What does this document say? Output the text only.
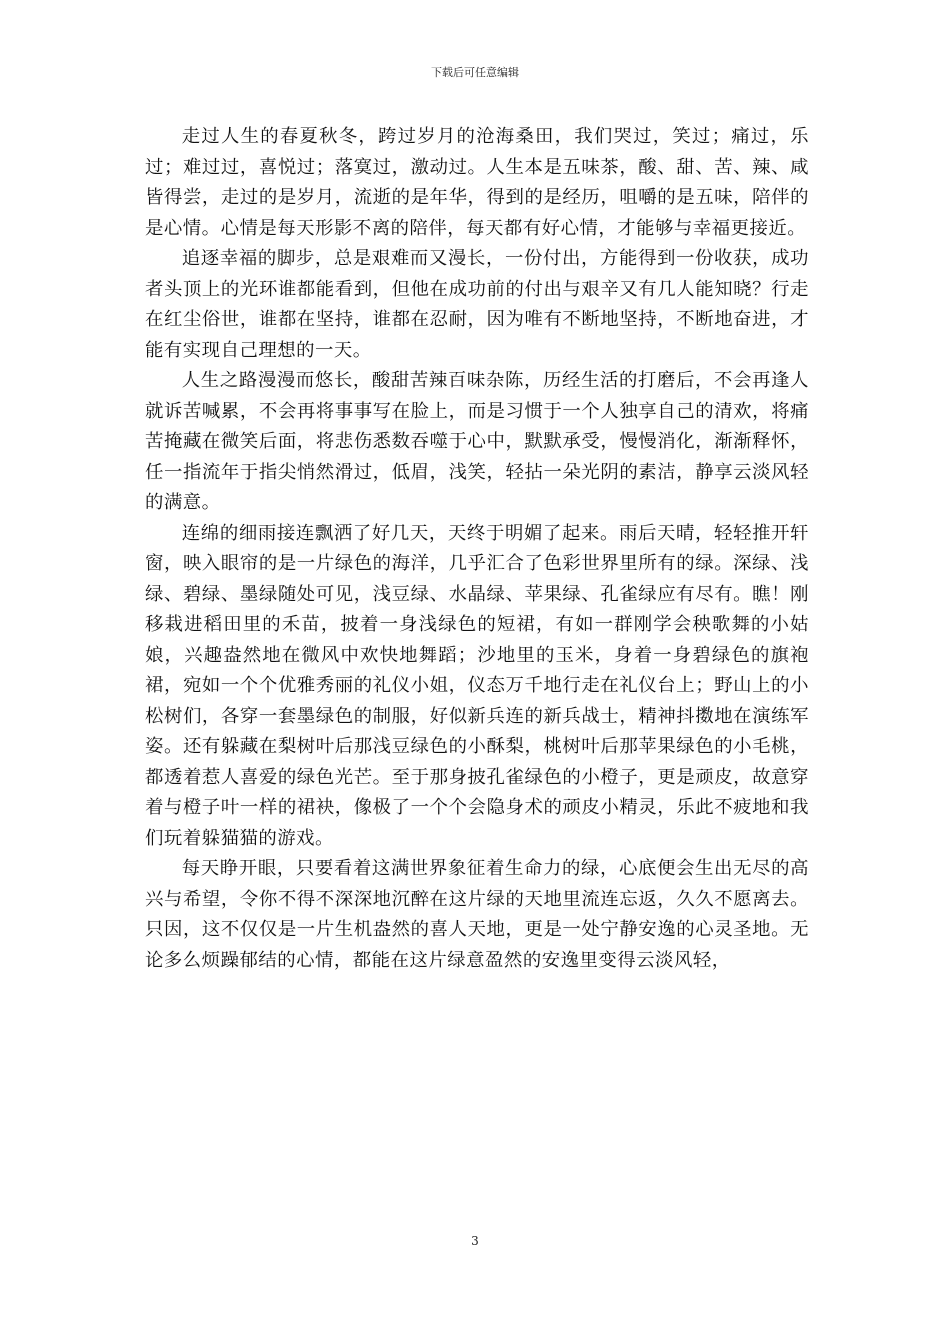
下载后可任意编辑

走过人生的春夏秋冬，跨过岁月的沧海桑田，我们哭过，笑过；痛过，乐过；难过过，喜悦过；落寞过，激动过。人生本是五味茶，酸、甜、苦、辣、咸皆得尝，走过的是岁月，流逝的是年华，得到的是经历，咀嚼的是五味，陪伴的是心情。心情是每天形影不离的陪伴，每天都有好心情，才能够与幸福更接近。

追逐幸福的脚步，总是艰难而又漫长，一份付出，方能得到一份收获，成功者头顶上的光环谁都能看到，但他在成功前的付出与艰辛又有几人能知晓？行走在红尘俗世，谁都在坚持，谁都在忍耐，因为唯有不断地坚持，不断地奋进，才能有实现自己理想的一天。

人生之路漫漫而悠长，酸甜苦辣百味杂陈，历经生活的打磨后，不会再逢人就诉苦喊累，不会再将事事写在脸上，而是习惯于一个人独享自己的清欢，将痛苦掩藏在微笑后面，将悲伤悉数吞噬于心中，默默承受，慢慢消化，渐渐释怀，任一指流年于指尖悄然滑过，低眉，浅笑，轻拈一朵光阴的素洁，静享云淡风轻的满意。

连绵的细雨接连飘洒了好几天，天终于明媚了起来。雨后天晴，轻轻推开轩窗，映入眼帘的是一片绿色的海洋，几乎汇合了色彩世界里所有的绿。深绿、浅绿、碧绿、墨绿随处可见，浅豆绿、水晶绿、苹果绿、孔雀绿应有尽有。瞧！刚移栽进稻田里的禾苗，披着一身浅绿色的短裙，有如一群刚学会秧歌舞的小姑娘，兴趣盎然地在微风中欢快地舞蹈；沙地里的玉米，身着一身碧绿色的旗袍裙，宛如一个个优雅秀丽的礼仪小姐，仪态万千地行走在礼仪台上；野山上的小松树们，各穿一套墨绿色的制服，好似新兵连的新兵战士，精神抖擞地在演练军姿。还有躲藏在梨树叶后那浅豆绿色的小酥梨，桃树叶后那苹果绿色的小毛桃，都透着惹人喜爱的绿色光芒。至于那身披孔雀绿色的小橙子，更是顽皮，故意穿着与橙子叶一样的裙袂，像极了一个个会隐身术的顽皮小精灵，乐此不疲地和我们玩着躲猫猫的游戏。

每天睁开眼，只要看着这满世界象征着生命力的绿，心底便会生出无尽的高兴与希望，令你不得不深深地沉醉在这片绿的天地里流连忘返，久久不愿离去。只因，这不仅仅是一片生机盎然的喜人天地，更是一处宁静安逸的心灵圣地。无论多么烦躁郁结的心情，都能在这片绿意盈然的安逸里变得云淡风轻，

3
